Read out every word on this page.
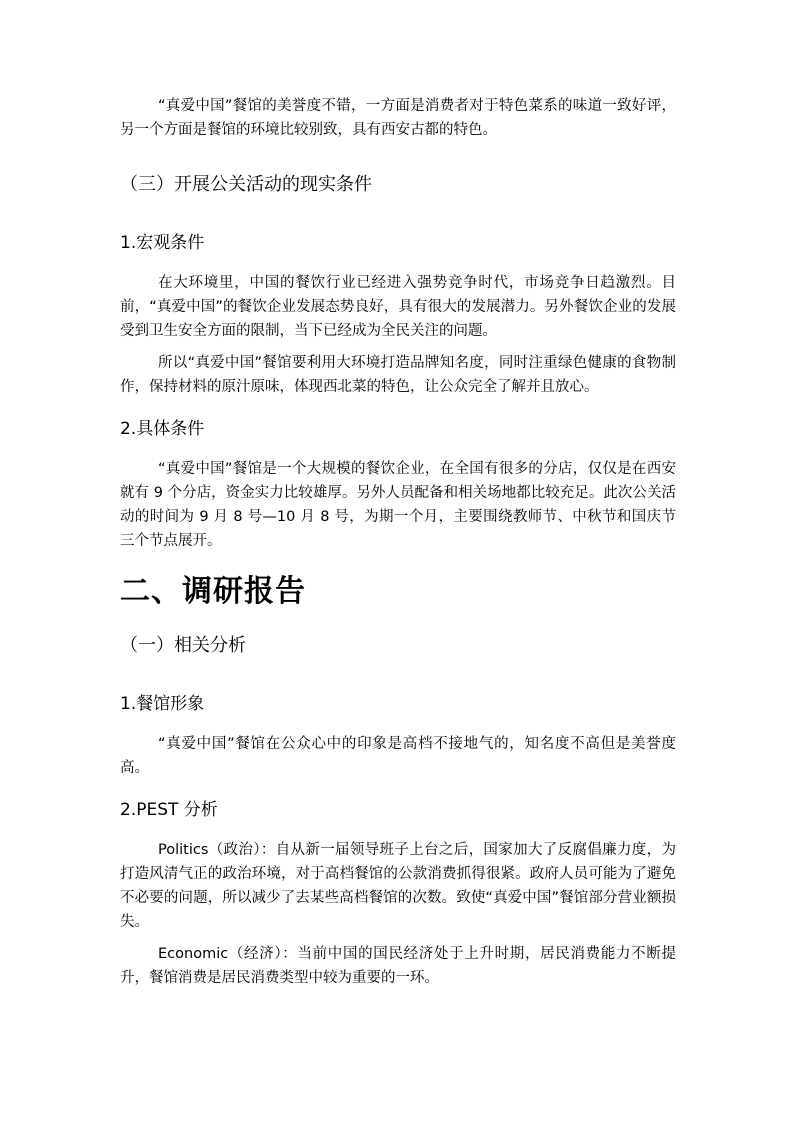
“真爱中国”餐馆的美誉度不错，一方面是消费者对于特色菜系的味道一致好评，另一个方面是餐馆的环境比较别致，具有西安古都的特色。

（三）开展公关活动的现实条件
1.宏观条件

在大环境里，中国的餐饮行业已经进入强势竞争时代，市场竞争日趋激烈。目前，“真爱中国”的餐饮企业发展态势良好，具有很大的发展潜力。另外餐饮企业的发展受到卫生安全方面的限制，当下已经成为全民关注的问题。

所以“真爱中国”餐馆要利用大环境打造品牌知名度，同时注重绿色健康的食物制作，保持材料的原汁原味，体现西北菜的特色，让公众完全了解并且放心。

2.具体条件

“真爱中国”餐馆是一个大规模的餐饮企业，在全国有很多的分店，仅仅是在西安就有 9 个分店，资金实力比较雄厚。另外人员配备和相关场地都比较充足。此次公关活动的时间为 9 月 8 号—10 月 8 号，为期一个月，主要围绕教师节、中秋节和国庆节三个节点展开。

二、调研报告
（一）相关分析
1.餐馆形象

“真爱中国”餐馆在公众心中的印象是高档不接地气的，知名度不高但是美誉度高。

2.PEST 分析

Politics（政治）：自从新一届领导班子上台之后，国家加大了反腐倡廉力度，为打造风清气正的政治环境，对于高档餐馆的公款消费抓得很紧。政府人员可能为了避免不必要的问题，所以减少了去某些高档餐馆的次数。致使“真爱中国”餐馆部分营业额损失。

Economic（经济）：当前中国的国民经济处于上升时期，居民消费能力不断提升，餐馆消费是居民消费类型中较为重要的一环。
